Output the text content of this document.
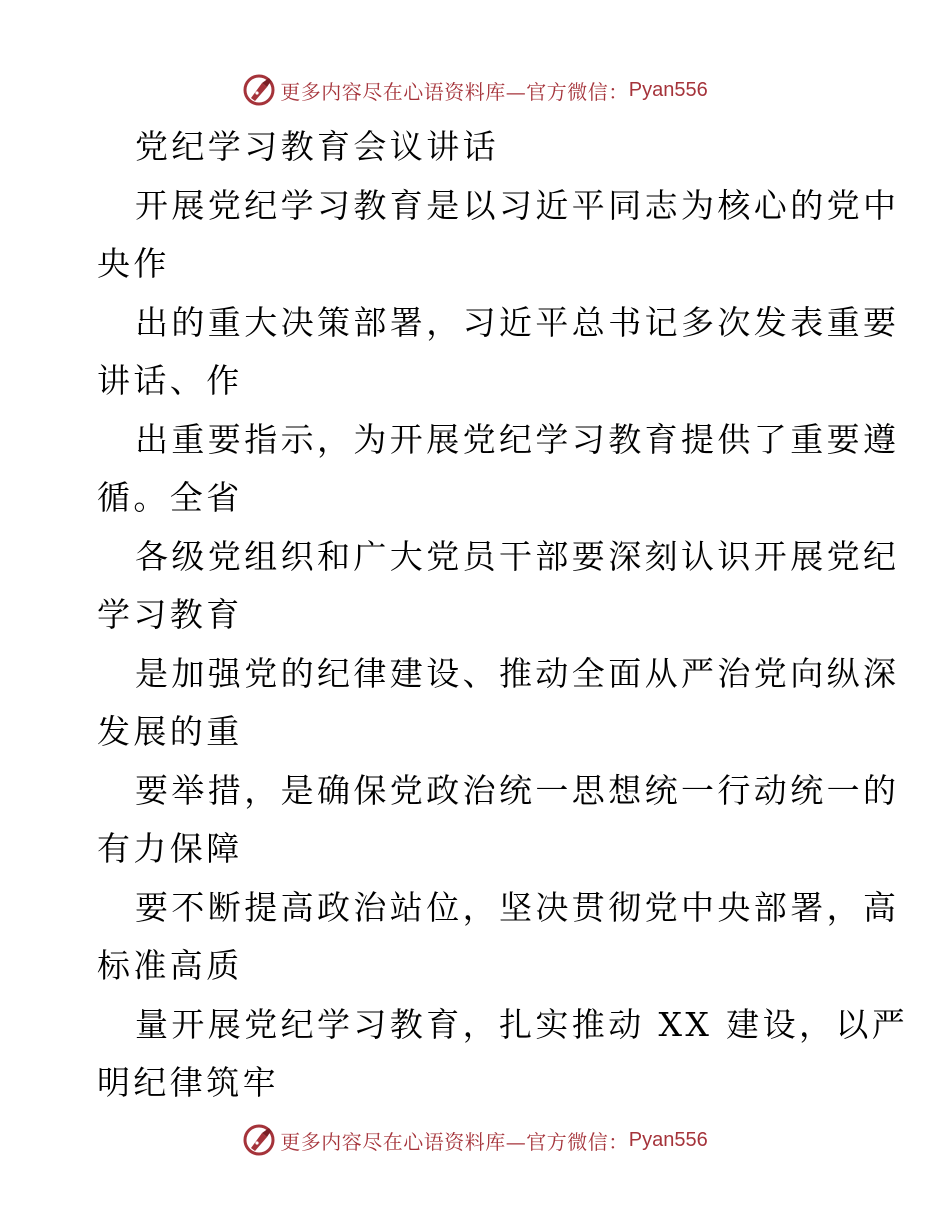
更多内容尽在心语资料库—官方微信： Pyan556
党纪学习教育会议讲话
开展党纪学习教育是以习近平同志为核心的党中
央作
出的重大决策部署，习近平总书记多次发表重要
讲话、作
出重要指示，为开展党纪学习教育提供了重要遵
循。全省
各级党组织和广大党员干部要深刻认识开展党纪
学习教育
是加强党的纪律建设、推动全面从严治党向纵深
发展的重
要举措，是确保党政治统一思想统一行动统一的
有力保障
要不断提高政治站位，坚决贯彻党中央部署，高
标准高质
量开展党纪学习教育，扎实推动 XX 建设，以严
明纪律筑牢
更多内容尽在心语资料库—官方微信： Pyan556
